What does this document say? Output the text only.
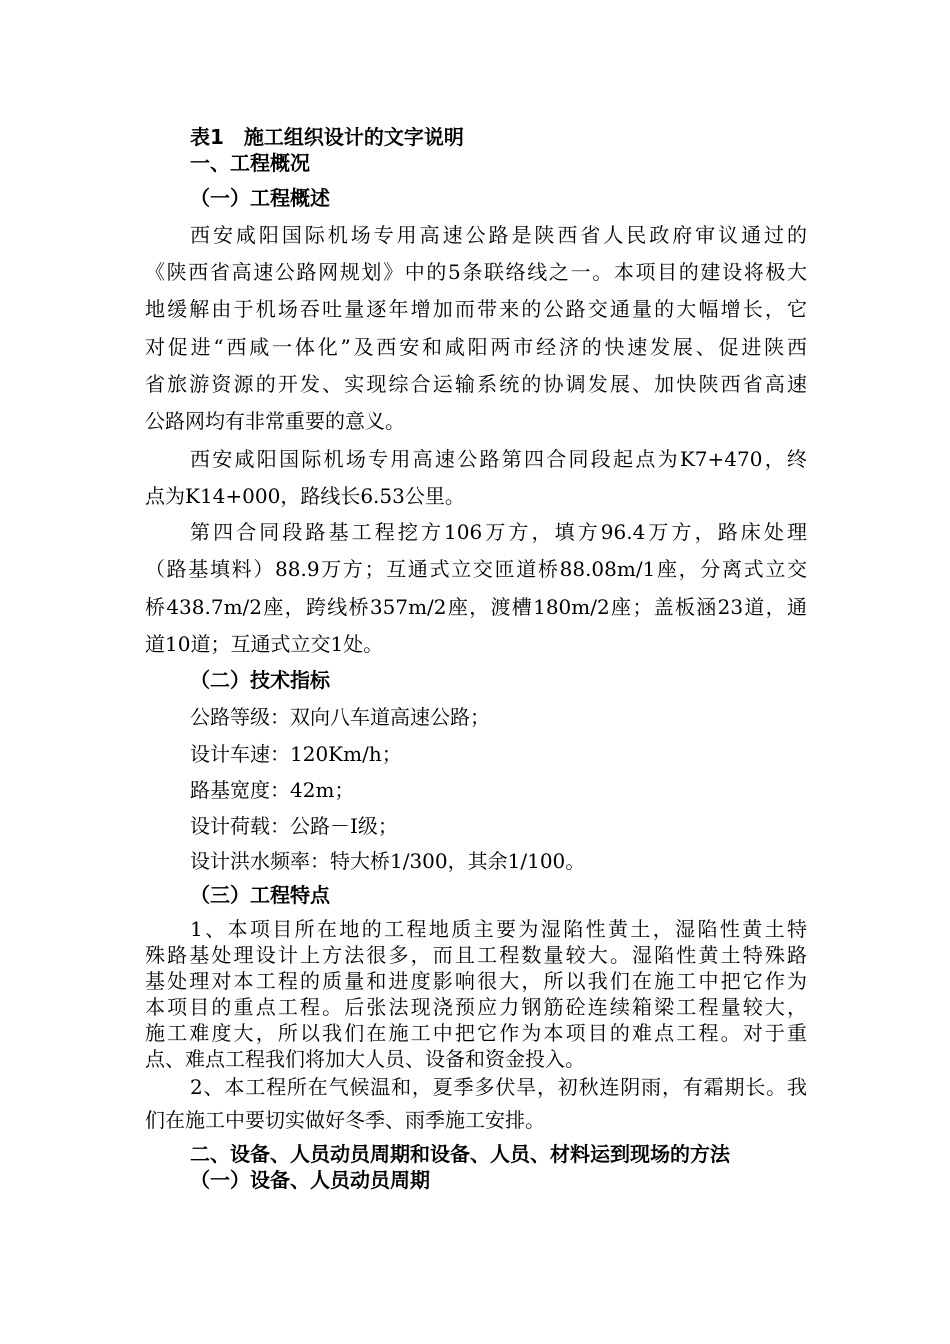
表1　施工组织设计的文字说明

一、工程概况

（一）工程概述

西安咸阳国际机场专用高速公路是陕西省人民政府审议通过的

《陕西省高速公路网规划》中的5条联络线之一。本项目的建设将极大

地缓解由于机场吞吐量逐年增加而带来的公路交通量的大幅增长，它

对促进“西咸一体化”及西安和咸阳两市经济的快速发展、促进陕西

省旅游资源的开发、实现综合运输系统的协调发展、加快陕西省高速

公路网均有非常重要的意义。

西安咸阳国际机场专用高速公路第四合同段起点为K7+470，终

点为K14+000，路线长6.53公里。

第四合同段路基工程挖方106万方，填方96.4万方，路床处理

（路基填料）88.9万方；互通式立交匝道桥88.08m/1座，分离式立交

桥438.7m/2座，跨线桥357m/2座，渡槽180m/2座；盖板涵23道，通

道10道；互通式立交1处。

（二）技术指标

公路等级：双向八车道高速公路；

设计车速：120Km/h；

路基宽度：42m；

设计荷载：公路－Ⅰ级；

设计洪水频率：特大桥1/300，其余1/100。

（三）工程特点

1、本项目所在地的工程地质主要为湿陷性黄土，湿陷性黄土特

殊路基处理设计上方法很多，而且工程数量较大。湿陷性黄土特殊路

基处理对本工程的质量和进度影响很大，所以我们在施工中把它作为

本项目的重点工程。后张法现浇预应力钢筋砼连续箱梁工程量较大，

施工难度大，所以我们在施工中把它作为本项目的难点工程。对于重

点、难点工程我们将加大人员、设备和资金投入。

2、本工程所在气候温和，夏季多伏旱，初秋连阴雨，有霜期长。我

们在施工中要切实做好冬季、雨季施工安排。

二、设备、人员动员周期和设备、人员、材料运到现场的方法

（一）设备、人员动员周期
